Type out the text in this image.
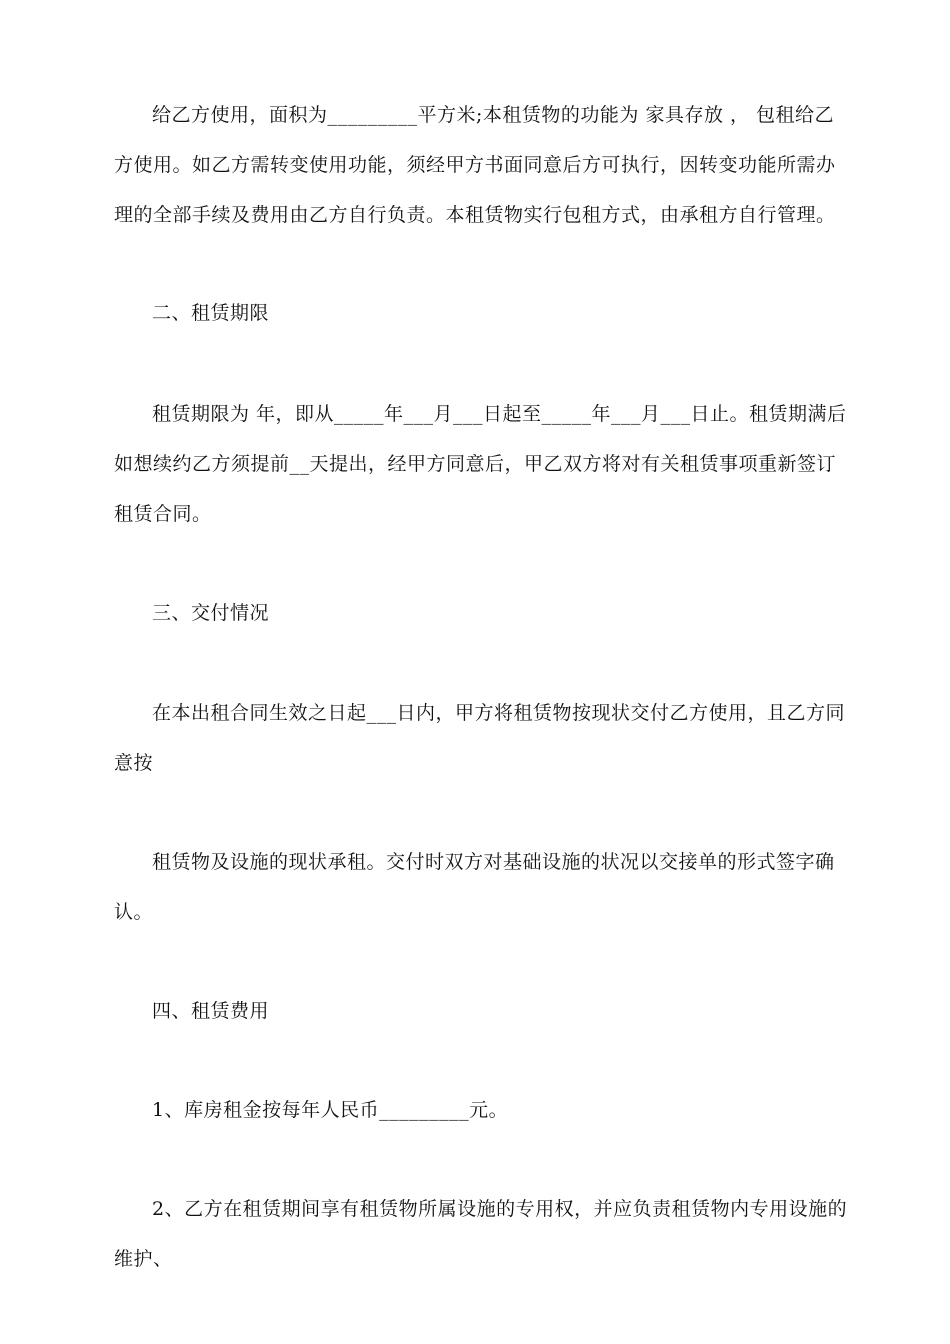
给乙方使用，面积为_________平方米;本租赁物的功能为 家具存放 ， 包租给乙
方使用。如乙方需转变使用功能，须经甲方书面同意后方可执行，因转变功能所需办
理的全部手续及费用由乙方自行负责。本租赁物实行包租方式，由承租方自行管理。
二、租赁期限
租赁期限为 年，即从_____年___月___日起至_____年___月___日止。租赁期满后
如想续约乙方须提前__天提出，经甲方同意后，甲乙双方将对有关租赁事项重新签订
租赁合同。
三、交付情况
在本出租合同生效之日起___日内，甲方将租赁物按现状交付乙方使用，且乙方同
意按
租赁物及设施的现状承租。交付时双方对基础设施的状况以交接单的形式签字确
认。
四、租赁费用
1、库房租金按每年人民币_________元。
2、乙方在租赁期间享有租赁物所属设施的专用权，并应负责租赁物内专用设施的
维护、
